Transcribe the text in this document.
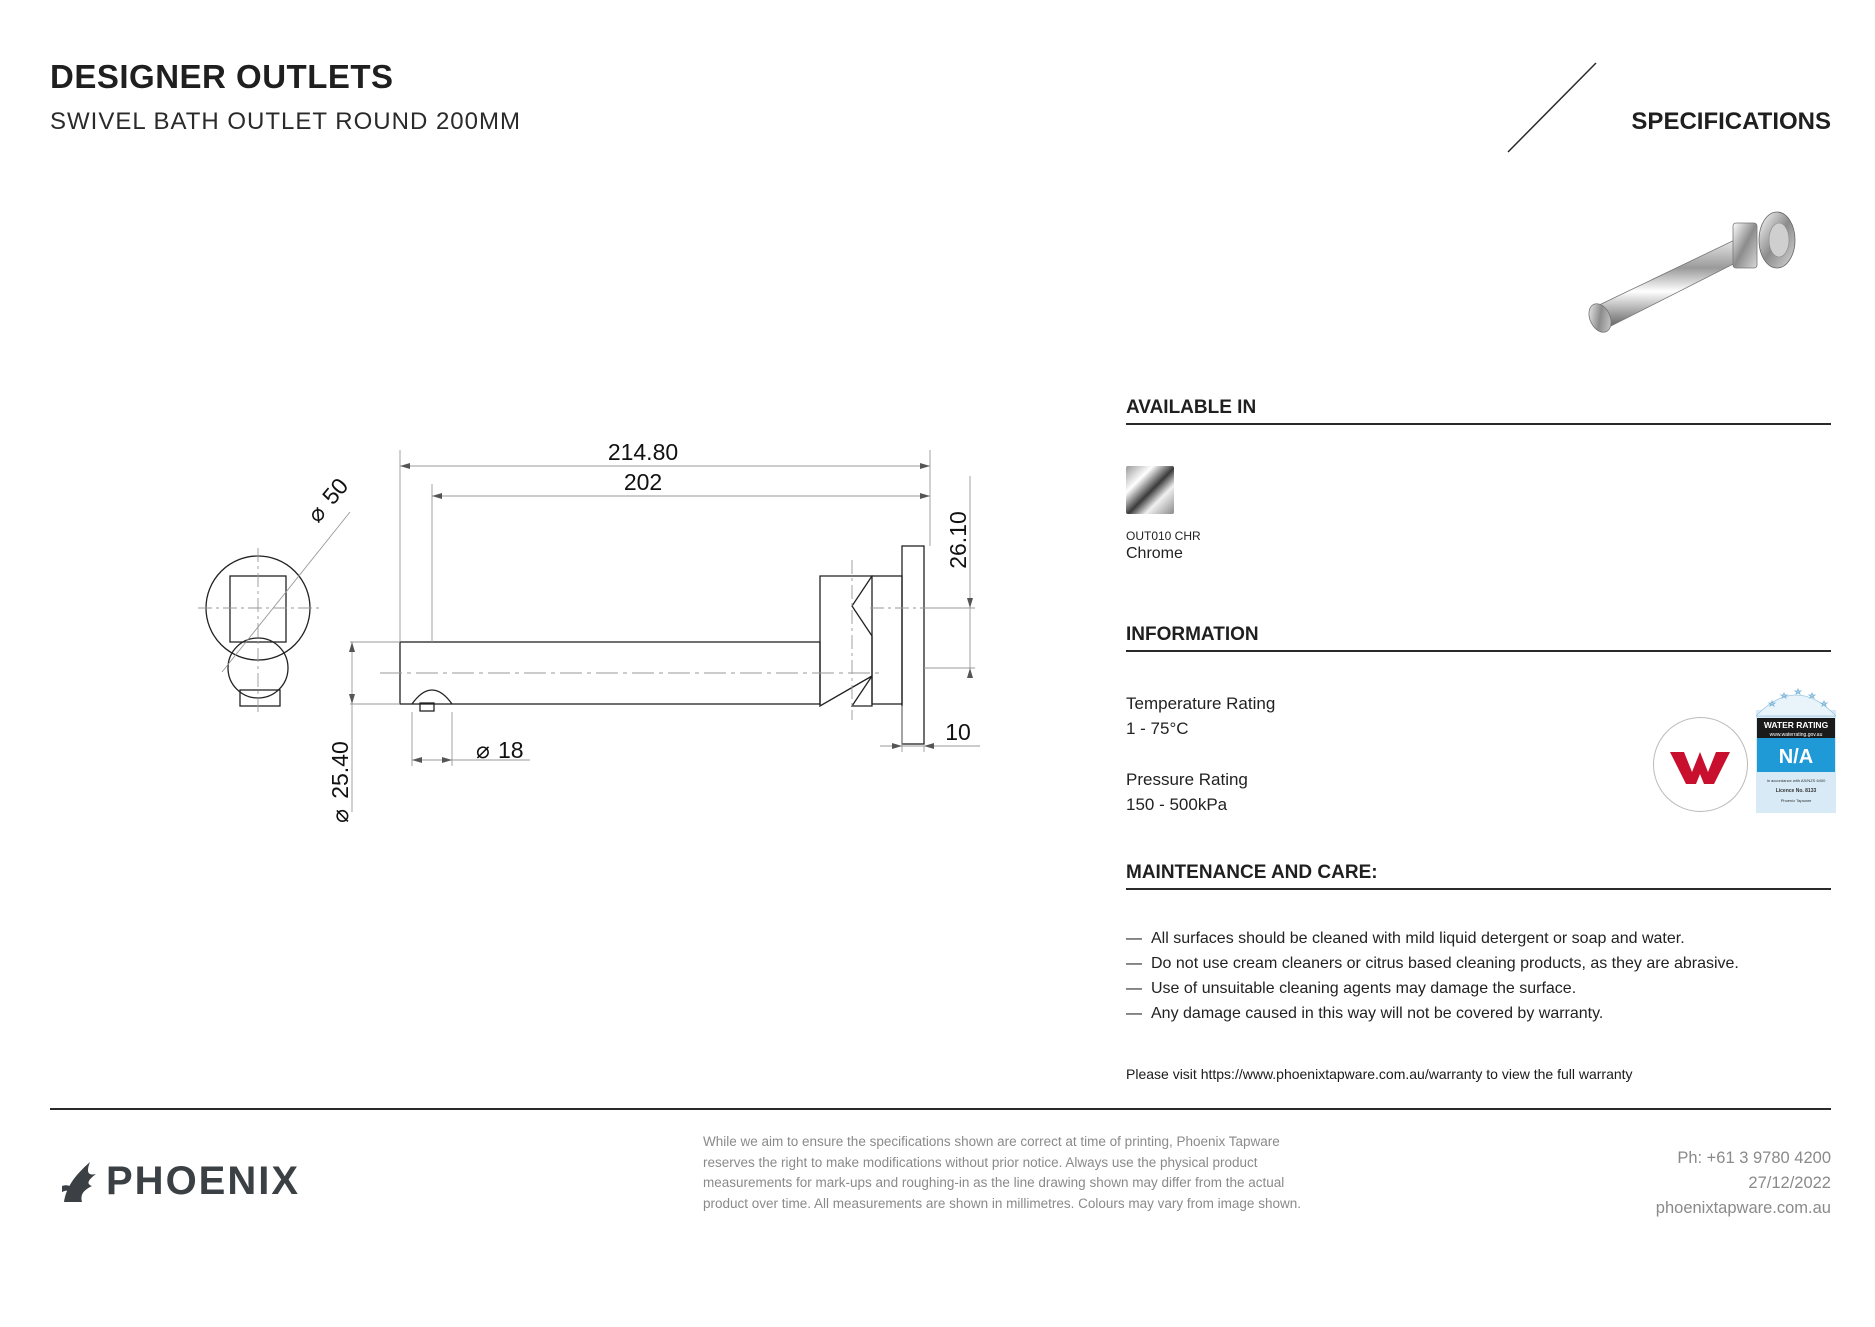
DESIGNER OUTLETS
SWIVEL BATH OUTLET ROUND 200MM	SPECIFICATIONS
214.80
202
26.10
10
⌀ 18
25.40
⌀
⌀
50
AVAILABLE IN
OUT010 CHR
Chrome
INFORMATION
Temperature Rating
1 - 75°C
Pressure Rating
150 - 500kPa
WATER RATING
www.waterrating.gov.au
N/A
In accordance with AS/NZS 6400
Licence No. 8133
Phoenix Tapware
MAINTENANCE AND CARE:
— All surfaces should be cleaned with mild liquid detergent or soap and water.
— Do not use cream cleaners or citrus based cleaning products, as they are abrasive.
— Use of unsuitable cleaning agents may damage the surface.
— Any damage caused in this way will not be covered by warranty.
Please visit https://www.phoenixtapware.com.au/warranty to view the full warranty
PHOENIX
While we aim to ensure the specifications shown are correct at time of printing, Phoenix Tapware reserves the right to make modifications without prior notice. Always use the physical product measurements for mark-ups and roughing-in as the line drawing shown may differ from the actual product over time. All measurements are shown in millimetres. Colours may vary from image shown.
Ph: +61 3 9780 4200
27/12/2022
phoenixtapware.com.au
